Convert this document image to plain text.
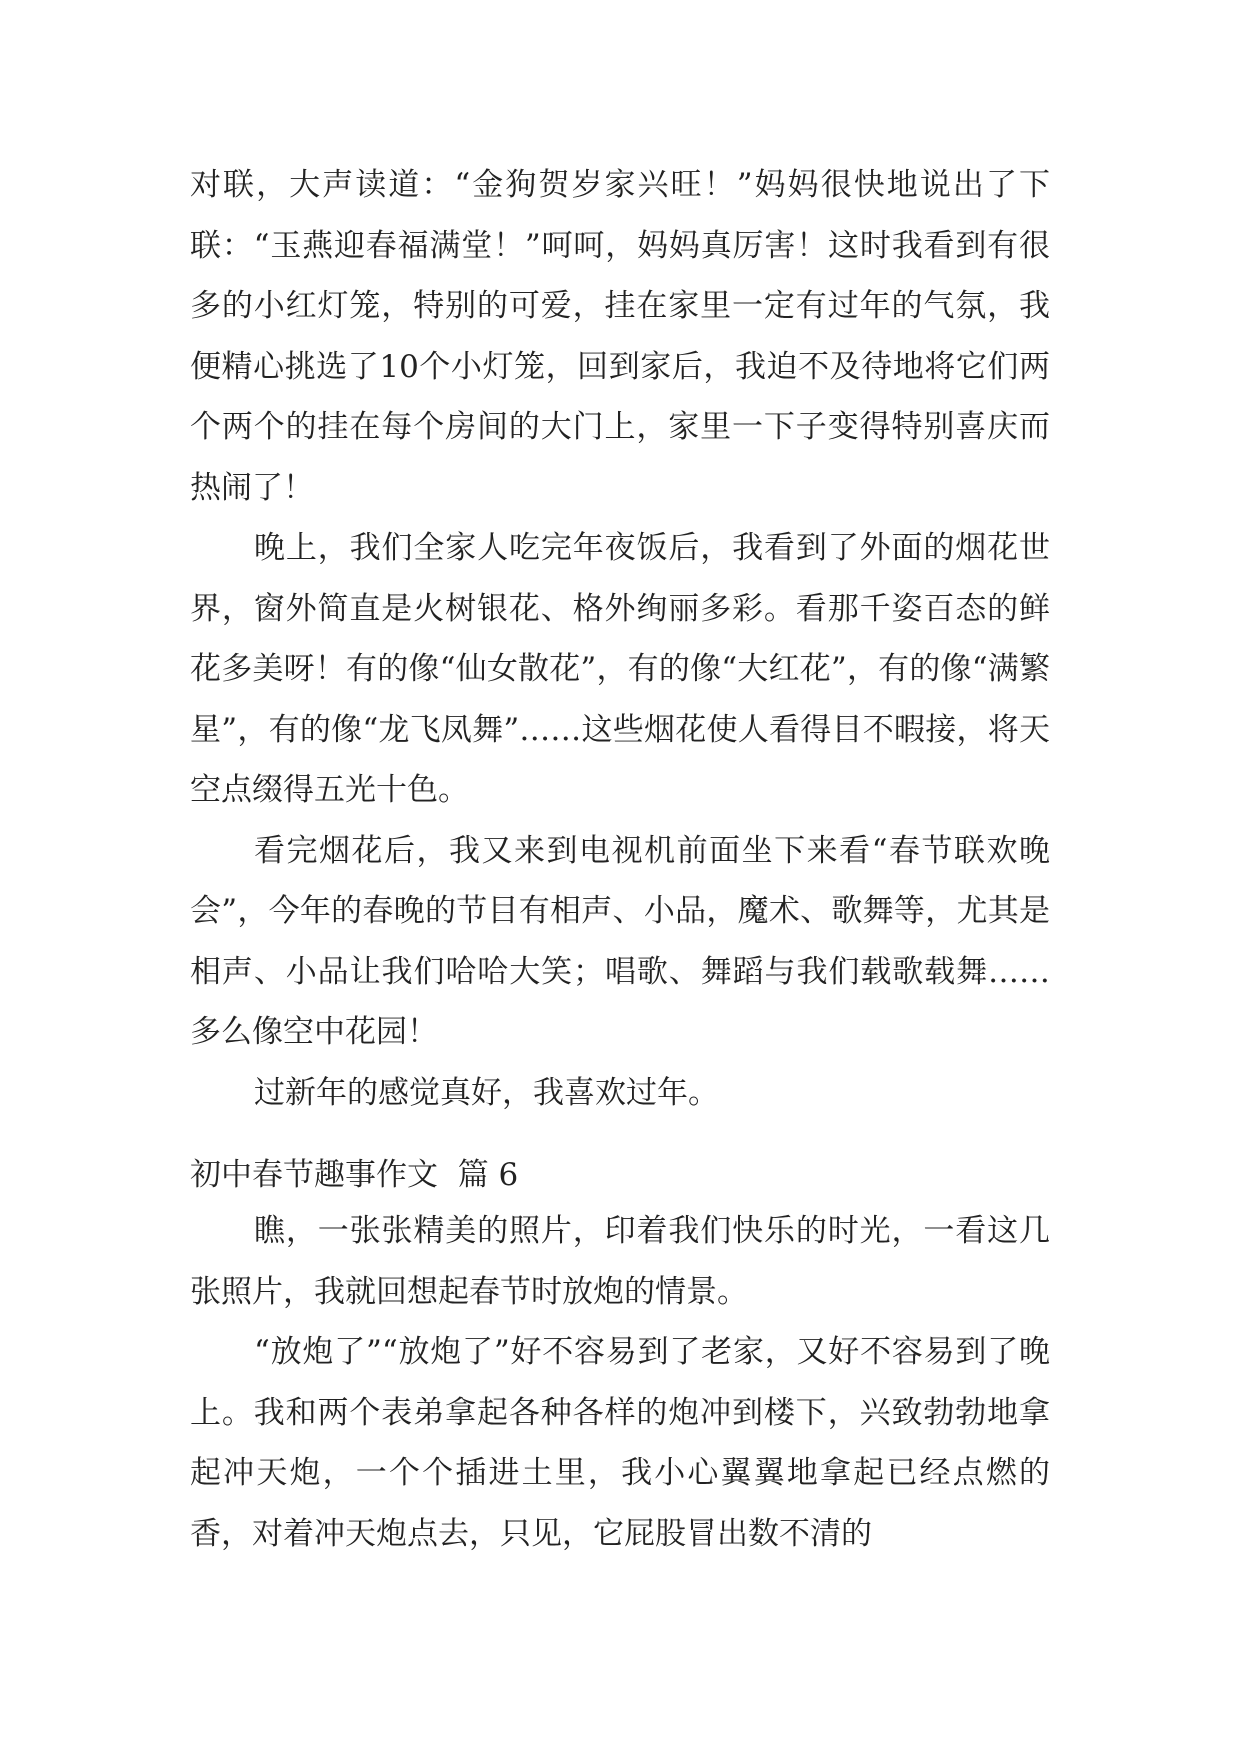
对联，大声读道：“金狗贺岁家兴旺！”妈妈很快地说出了下联：“玉燕迎春福满堂！”呵呵，妈妈真厉害！这时我看到有很多的小红灯笼，特别的可爱，挂在家里一定有过年的气氛，我便精心挑选了10个小灯笼，回到家后，我迫不及待地将它们两个两个的挂在每个房间的大门上，家里一下子变得特别喜庆而热闹了！

晚上，我们全家人吃完年夜饭后，我看到了外面的烟花世界，窗外简直是火树银花、格外绚丽多彩。看那千姿百态的鲜花多美呀！有的像“仙女散花”，有的像“大红花”，有的像“满繁星”，有的像“龙飞凤舞”……这些烟花使人看得目不暇接，将天空点缀得五光十色。

看完烟花后，我又来到电视机前面坐下来看“春节联欢晚会”，今年的春晚的节目有相声、小品，魔术、歌舞等，尤其是相声、小品让我们哈哈大笑；唱歌、舞蹈与我们载歌载舞……多么像空中花园！

过新年的感觉真好，我喜欢过年。

初中春节趣事作文  篇 6

瞧，一张张精美的照片，印着我们快乐的时光，一看这几张照片，我就回想起春节时放炮的情景。

“放炮了”“放炮了”好不容易到了老家，又好不容易到了晚上。我和两个表弟拿起各种各样的炮冲到楼下，兴致勃勃地拿起冲天炮，一个个插进土里，我小心翼翼地拿起已经点燃的香，对着冲天炮点去，只见，它屁股冒出数不清的
